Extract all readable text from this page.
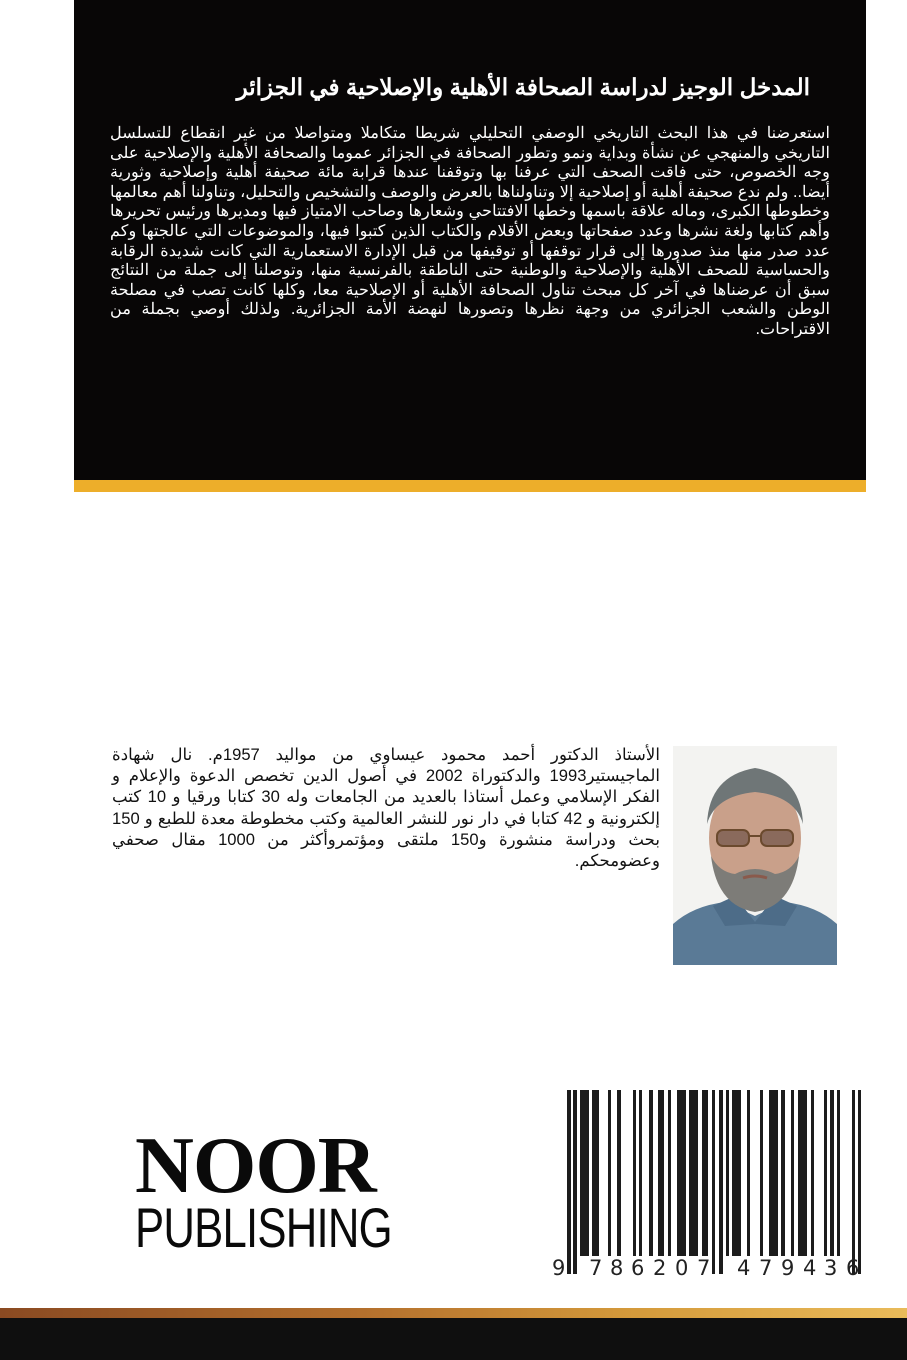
المدخل الوجيز لدراسة الصحافة الأهلية والإصلاحية في الجزائر

استعرضنا في هذا البحث التاريخي الوصفي التحليلي شريطا متكاملا ومتواصلا من غير انقطاع للتسلسل التاريخي والمنهجي عن نشأة وبداية ونمو وتطور الصحافة في الجزائر عموما والصحافة الأهلية والإصلاحية على وجه الخصوص، حتى فاقت الصحف التي عرفنا بها وتوقفنا عندها قرابة مائة صحيفة أهلية وإصلاحية وثورية أيضا.. ولم ندع صحيفة أهلية أو إصلاحية إلا وتناولناها بالعرض والوصف والتشخيص والتحليل، وتناولنا أهم معالمها وخطوطها الكبرى، وماله علاقة باسمها وخطها الافتتاحي وشعارها وصاحب الامتياز فيها ومديرها ورئيس تحريرها وأهم كتابها ولغة نشرها وعدد صفحاتها وبعض الأقلام والكتاب الذين كتبوا فيها، والموضوعات التي عالجتها وكم عدد صدر منها منذ صدورها إلى قرار توقفها أو توقيفها من قبل الإدارة الاستعمارية التي كانت شديدة الرقابة والحساسية للصحف الأهلية والإصلاحية والوطنية حتى الناطقة بالفرنسية منها، وتوصلنا إلى جملة من النتائج سبق أن عرضناها في آخر كل مبحث تناول الصحافة الأهلية أو الإصلاحية معا، وكلها كانت تصب في مصلحة الوطن والشعب الجزائري من وجهة نظرها وتصورها لنهضة الأمة الجزائرية. ولذلك أوصي بجملة من الاقتراحات.

الأستاذ الدكتور أحمد محمود عيساوي من مواليد 1957م. نال شهادة الماجيستير1993 والدكتوراة 2002 في أصول الدين تخصص الدعوة والإعلام و الفكر الإسلامي وعمل أستاذا بالعديد من الجامعات وله 30 كتابا ورقيا و 10 كتب إلكترونية و 42 كتابا في دار نور للنشر العالمية وكتب مخطوطة معدة للطبع و 150 بحث ودراسة منشورة و150 ملتقى ومؤتمروأكثر من 1000 مقال صحفي وعضومحكم.
NOOR
PUBLISHING
9 7 8 6 2 0 7 4 7 9 4 3 6
